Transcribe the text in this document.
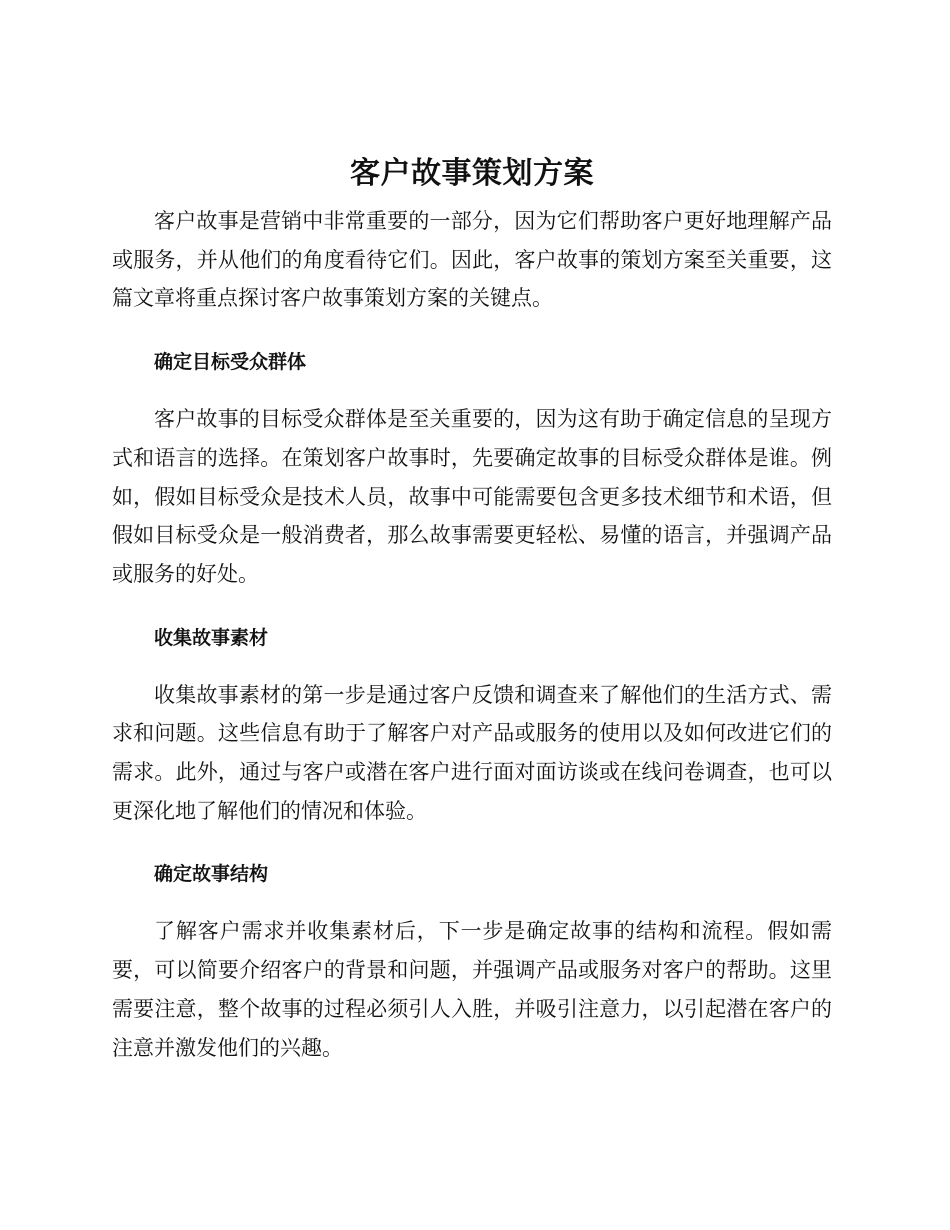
客户故事策划方案

客户故事是营销中非常重要的一部分，因为它们帮助客户更好地理解产品或服务，并从他们的角度看待它们。因此，客户故事的策划方案至关重要，这篇文章将重点探讨客户故事策划方案的关键点。

确定目标受众群体

客户故事的目标受众群体是至关重要的，因为这有助于确定信息的呈现方式和语言的选择。在策划客户故事时，先要确定故事的目标受众群体是谁。例如，假如目标受众是技术人员，故事中可能需要包含更多技术细节和术语，但假如目标受众是一般消费者，那么故事需要更轻松、易懂的语言，并强调产品或服务的好处。

收集故事素材

收集故事素材的第一步是通过客户反馈和调查来了解他们的生活方式、需求和问题。这些信息有助于了解客户对产品或服务的使用以及如何改进它们的需求。此外，通过与客户或潜在客户进行面对面访谈或在线问卷调查，也可以更深化地了解他们的情况和体验。

确定故事结构

了解客户需求并收集素材后，下一步是确定故事的结构和流程。假如需要，可以简要介绍客户的背景和问题，并强调产品或服务对客户的帮助。这里需要注意，整个故事的过程必须引人入胜，并吸引注意力，以引起潜在客户的注意并激发他们的兴趣。
